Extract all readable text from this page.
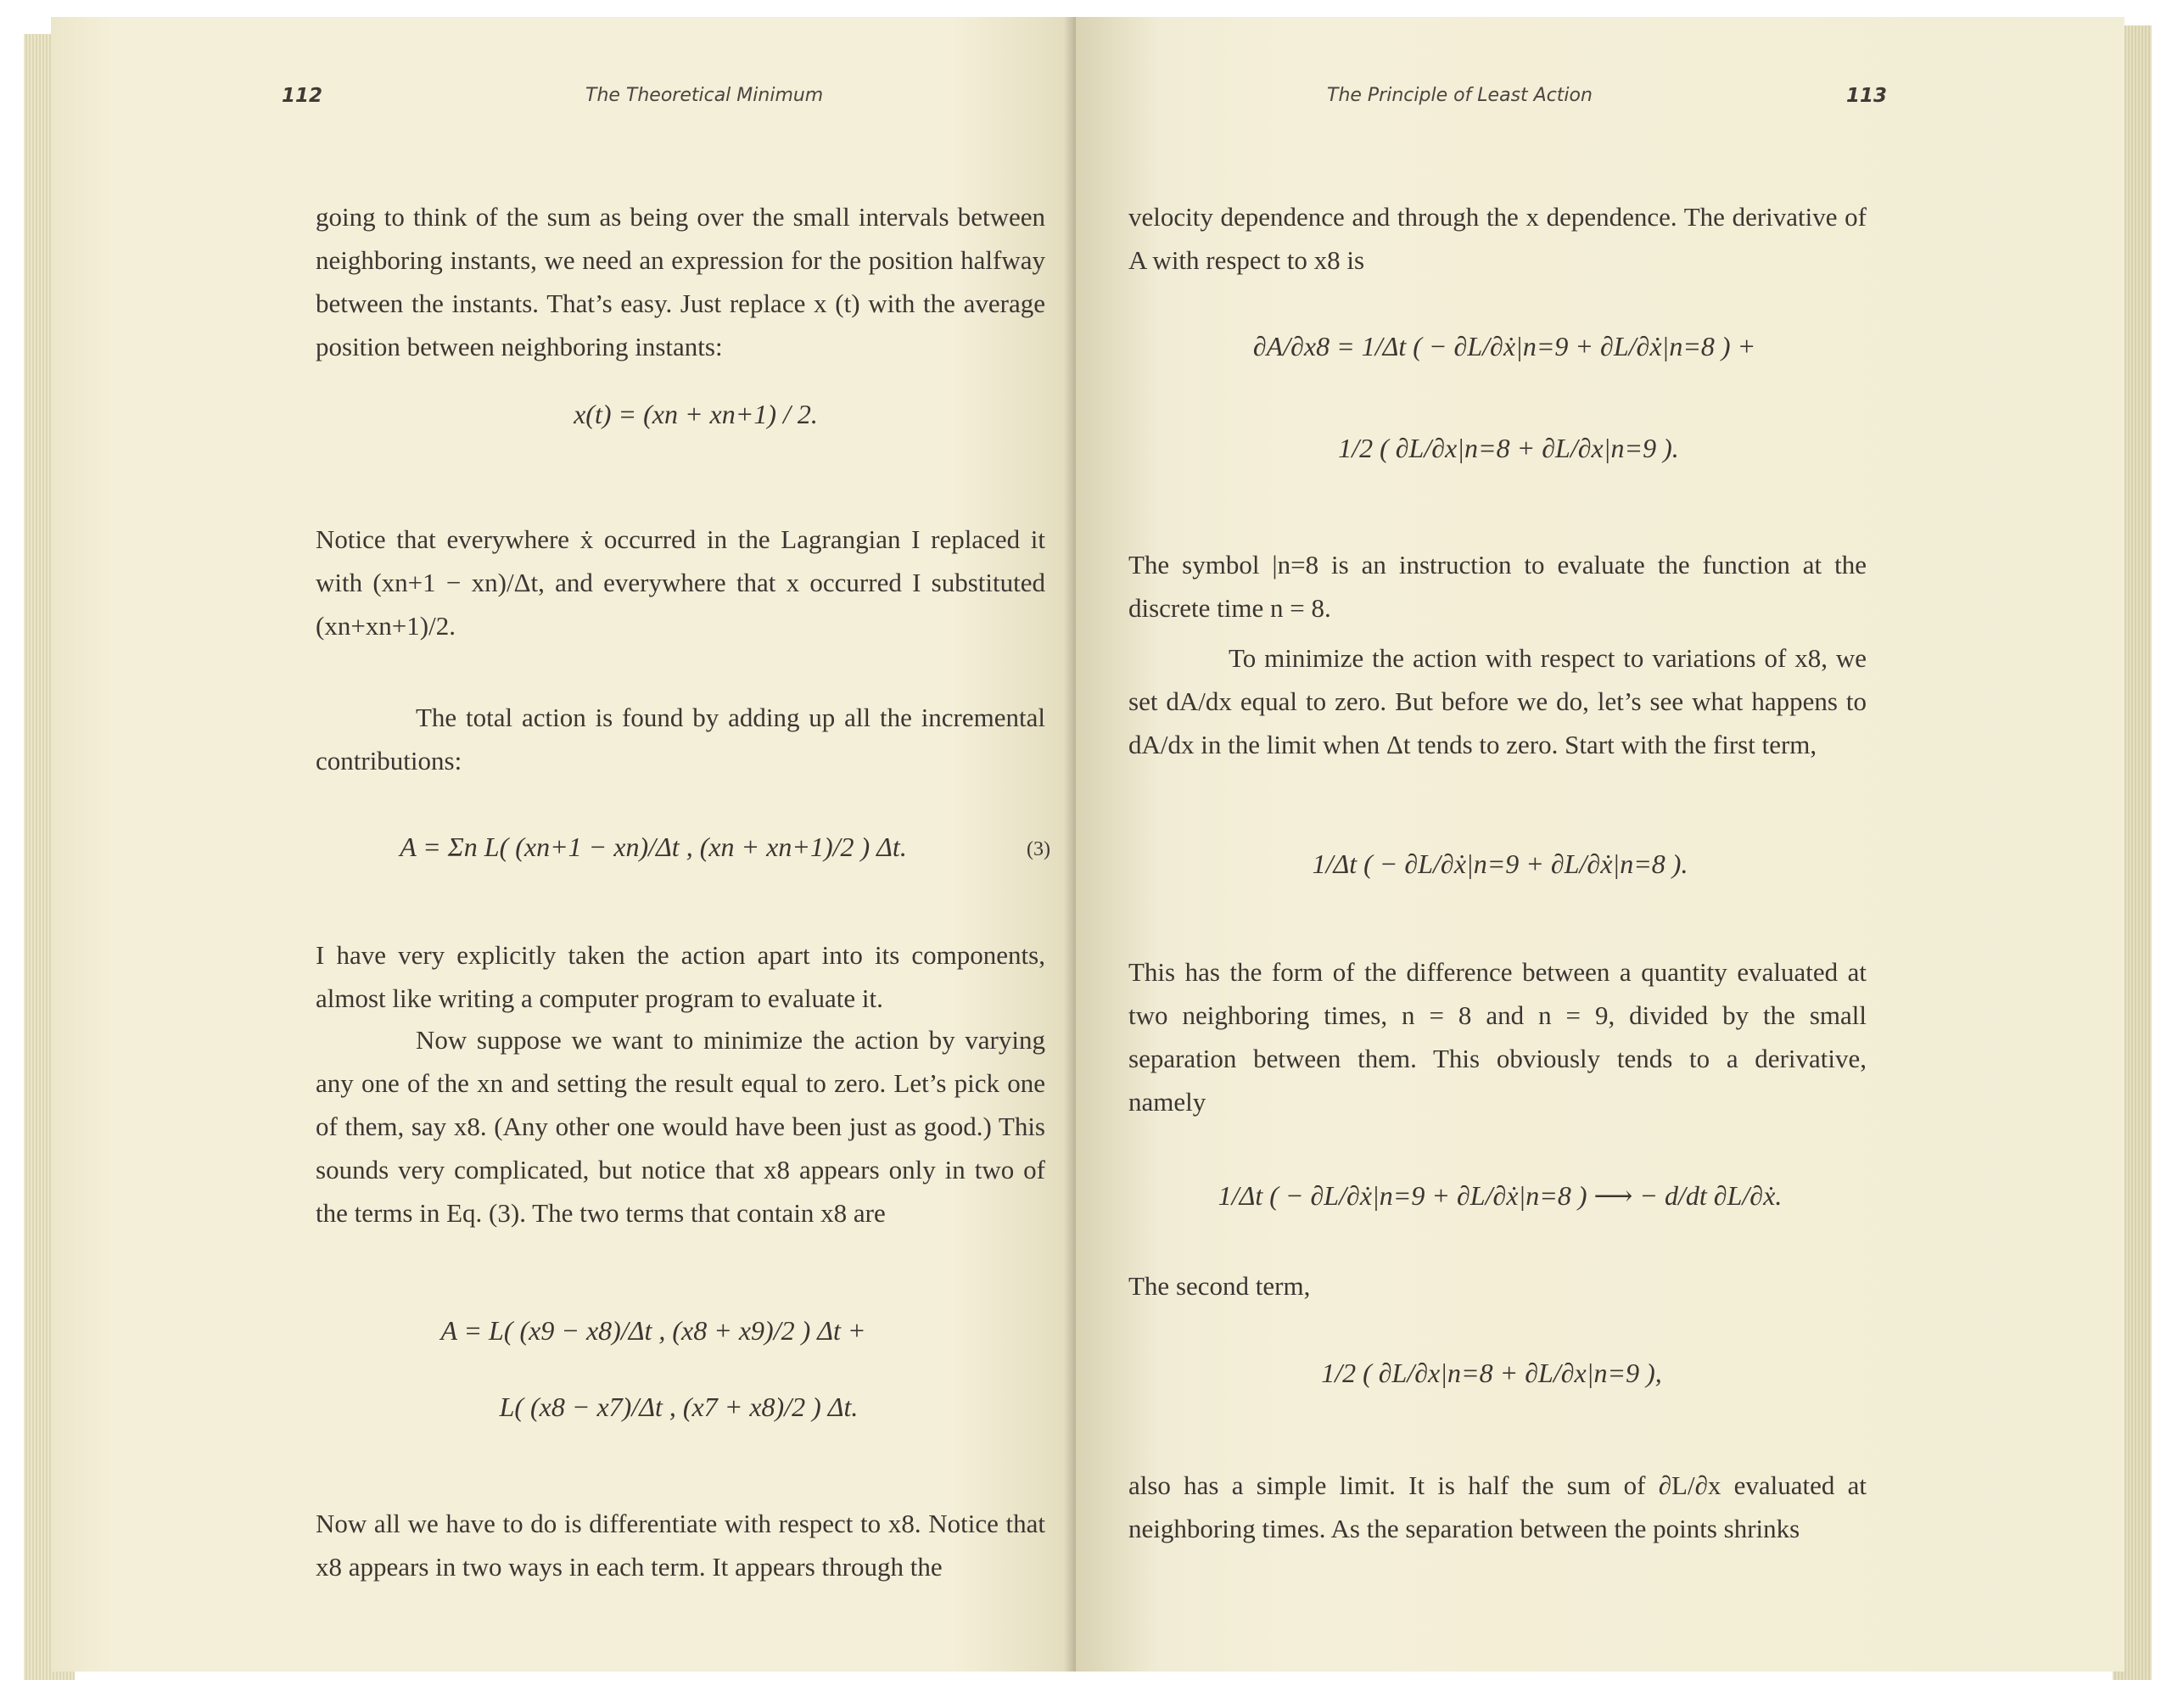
112	The Theoretical Minimum
going to think of the sum as being over the small intervals between neighboring instants, we need an expression for the position halfway between the instants. That’s easy. Just replace x (t) with the average position between neighboring instants:
x(t) = (xn + xn+1) / 2.
Notice that everywhere ẋ occurred in the Lagrangian I replaced it with (xn+1 − xn)/Δt, and everywhere that x occurred I substituted (xn+xn+1)/2.
The total action is found by adding up all the incremental contributions:
A = Σn L( (xn+1 − xn)/Δt , (xn + xn+1)/2 ) Δt.	(3)
I have very explicitly taken the action apart into its components, almost like writing a computer program to evaluate it.
Now suppose we want to minimize the action by varying any one of the xn and setting the result equal to zero. Let’s pick one of them, say x8. (Any other one would have been just as good.) This sounds very complicated, but notice that x8 appears only in two of the terms in Eq. (3). The two terms that contain x8 are
A = L( (x9 − x8)/Δt , (x8 + x9)/2 ) Δt +
L( (x8 − x7)/Δt , (x7 + x8)/2 ) Δt.
Now all we have to do is differentiate with respect to x8. Notice that x8 appears in two ways in each term. It appears through the
The Principle of Least Action	113
velocity dependence and through the x dependence. The derivative of A with respect to x8 is
∂A/∂x8 = 1/Δt ( − ∂L/∂ẋ|n=9 + ∂L/∂ẋ|n=8 ) +
1/2 ( ∂L/∂x|n=8 + ∂L/∂x|n=9 ).
The symbol |n=8 is an instruction to evaluate the function at the discrete time n = 8.
To minimize the action with respect to variations of x8, we set dA/dx equal to zero. But before we do, let’s see what happens to dA/dx in the limit when Δt tends to zero. Start with the first term,
1/Δt ( − ∂L/∂ẋ|n=9 + ∂L/∂ẋ|n=8 ).
This has the form of the difference between a quantity evaluated at two neighboring times, n = 8 and n = 9, divided by the small separation between them. This obviously tends to a derivative, namely
1/Δt ( − ∂L/∂ẋ|n=9 + ∂L/∂ẋ|n=8 ) ⟶ − d/dt ∂L/∂ẋ.
The second term,
1/2 ( ∂L/∂x|n=8 + ∂L/∂x|n=9 ),
also has a simple limit. It is half the sum of ∂L/∂x evaluated at neighboring times. As the separation between the points shrinks
